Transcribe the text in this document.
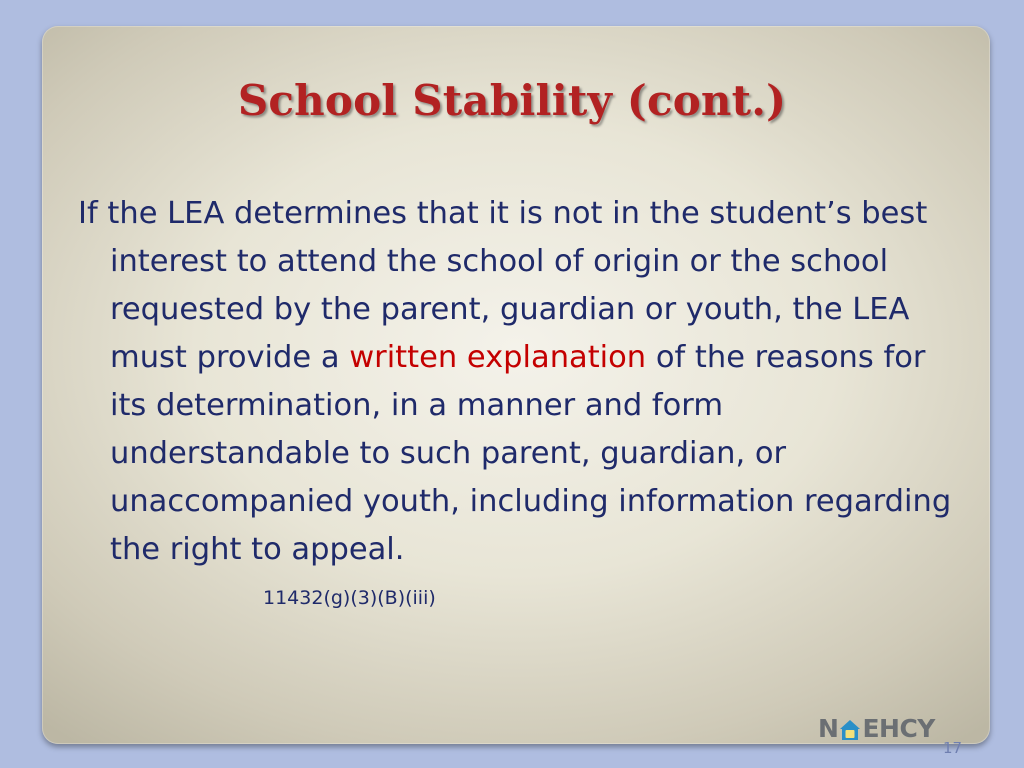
School Stability (cont.)

If the LEA determines that it is not in the student’s best interest to attend the school of origin or the school requested by the parent, guardian or youth, the LEA must provide a written explanation of the reasons for its determination, in a manner and form understandable to such parent, guardian, or unaccompanied youth, including information regarding the right to appeal.

11432(g)(3)(B)(iii)
N EHCY
17
